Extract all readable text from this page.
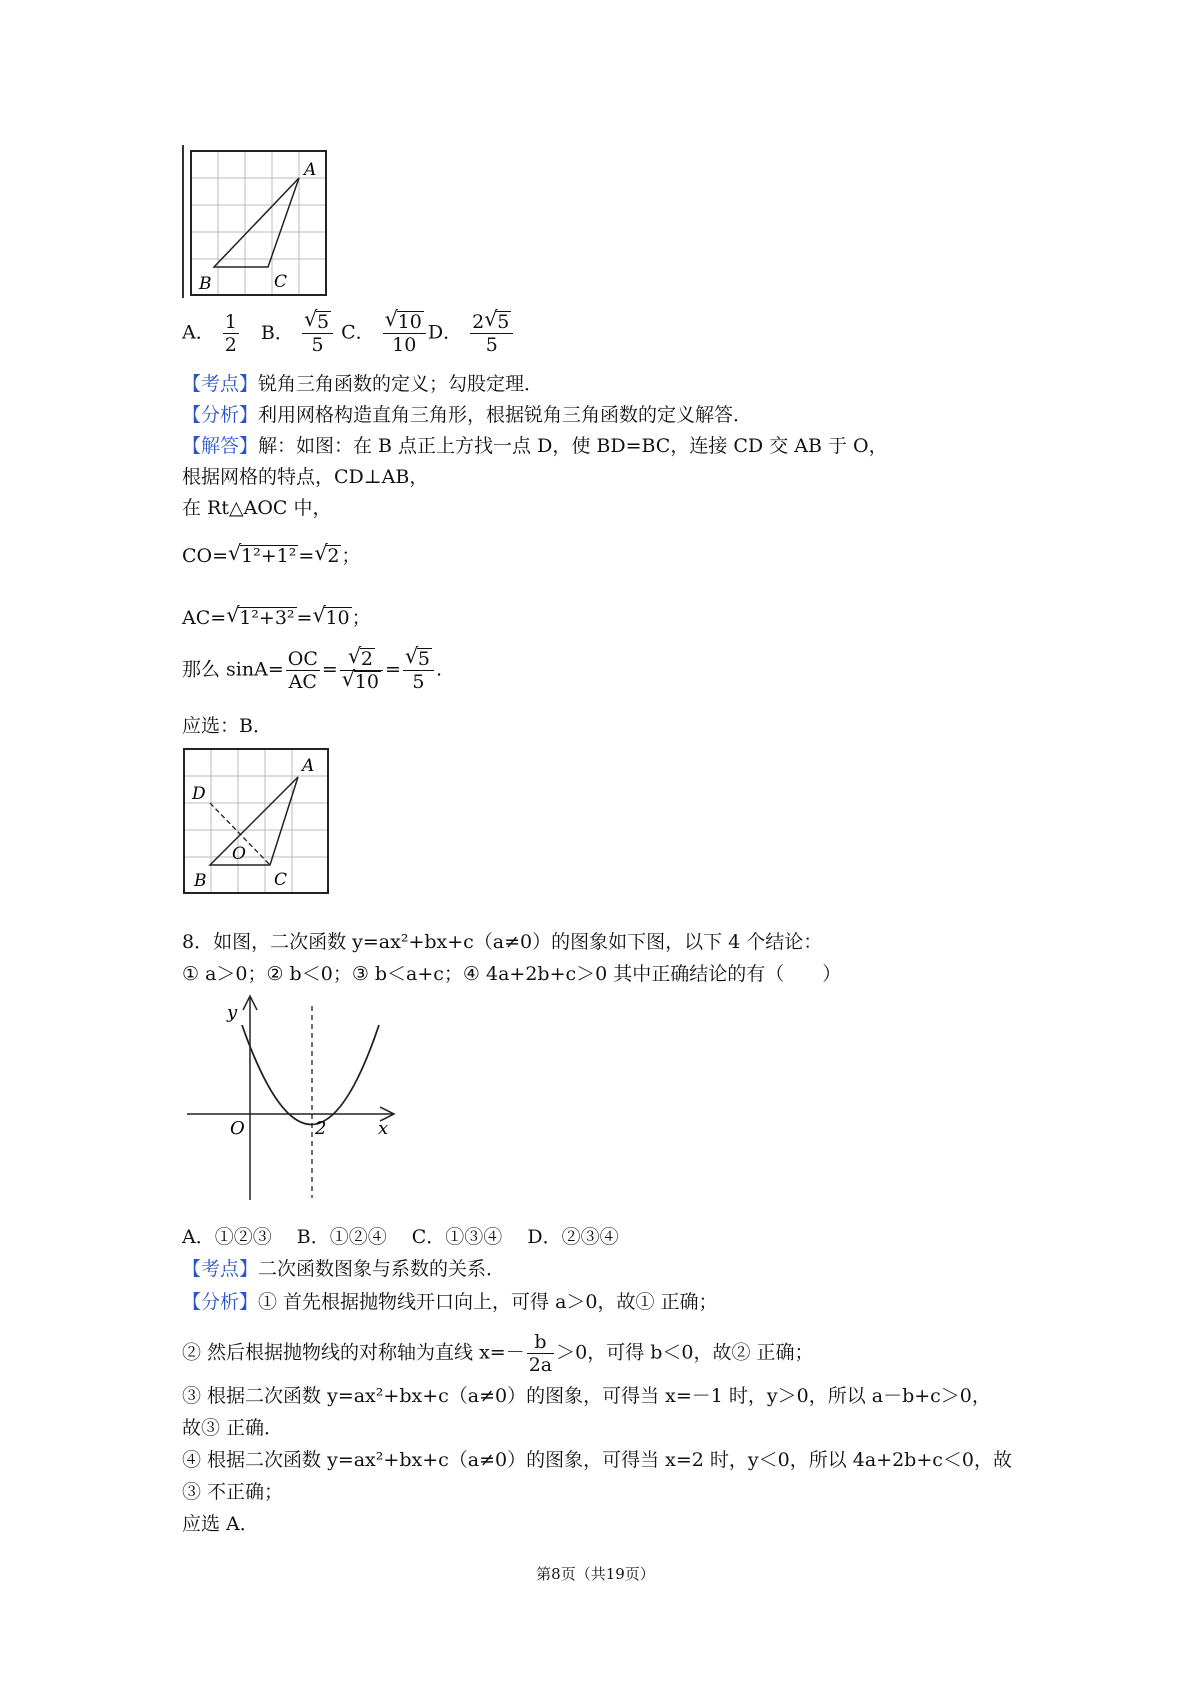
A
B	C
A． $\frac{1}{2}$ B． √ $\frac{5}{5}$ C． √ $\frac{10}{10}$ D． $\frac{2 √ 5}{5}$
【考点】锐角三角函数的定义；勾股定理．
【分析】利用网格构造直角三角形，根据锐角三角函数的定义解答．
【解答】解：如图：在 B 点正上方找一点 D，使 BD=BC，连接 CD 交 AB 于 O，
根据网格的特点，CD⊥AB，
在 Rt△AOC 中，
CO= √ 1²+1² = √ 2 ；
AC= √ 1²+3² = √ 10 ；
那么 $\sin A= \frac{OC}{AC}$ = √ 2
√ 10 = √ $\frac{5}{5}$ .
应选：B．
A
B	C
D
O
8．如图，二次函数 y=ax²+bx+c（a≠0）的图象如下图，以下 4 个结论：
① a＞0；② b＜0；③ b＜a+c；④ 4a+2b+c＞0 其中正确结论的有（　　）
y
x
O	2
A．①②③　 B．①②④　 C．①③④　 D．②③④
【考点】二次函数图象与系数的关系．
【分析】① 首先根据抛物线开口向上，可得 a＞0，故① 正确；
② 然后根据抛物线的对称轴为直线 $x=- \frac{b}{2a} >0$，可得 b＜0，故② 正确；
③ 根据二次函数 y=ax²+bx+c（a≠0）的图象，可得当 x=－1 时，y＞0，所以 a－b+c＞0，
故③ 正确．
④ 根据二次函数 y=ax²+bx+c（a≠0）的图象，可得当 x=2 时，y＜0，所以 4a+2b+c＜0，故
③ 不正确；
应选 A．
第8页（共19页）
